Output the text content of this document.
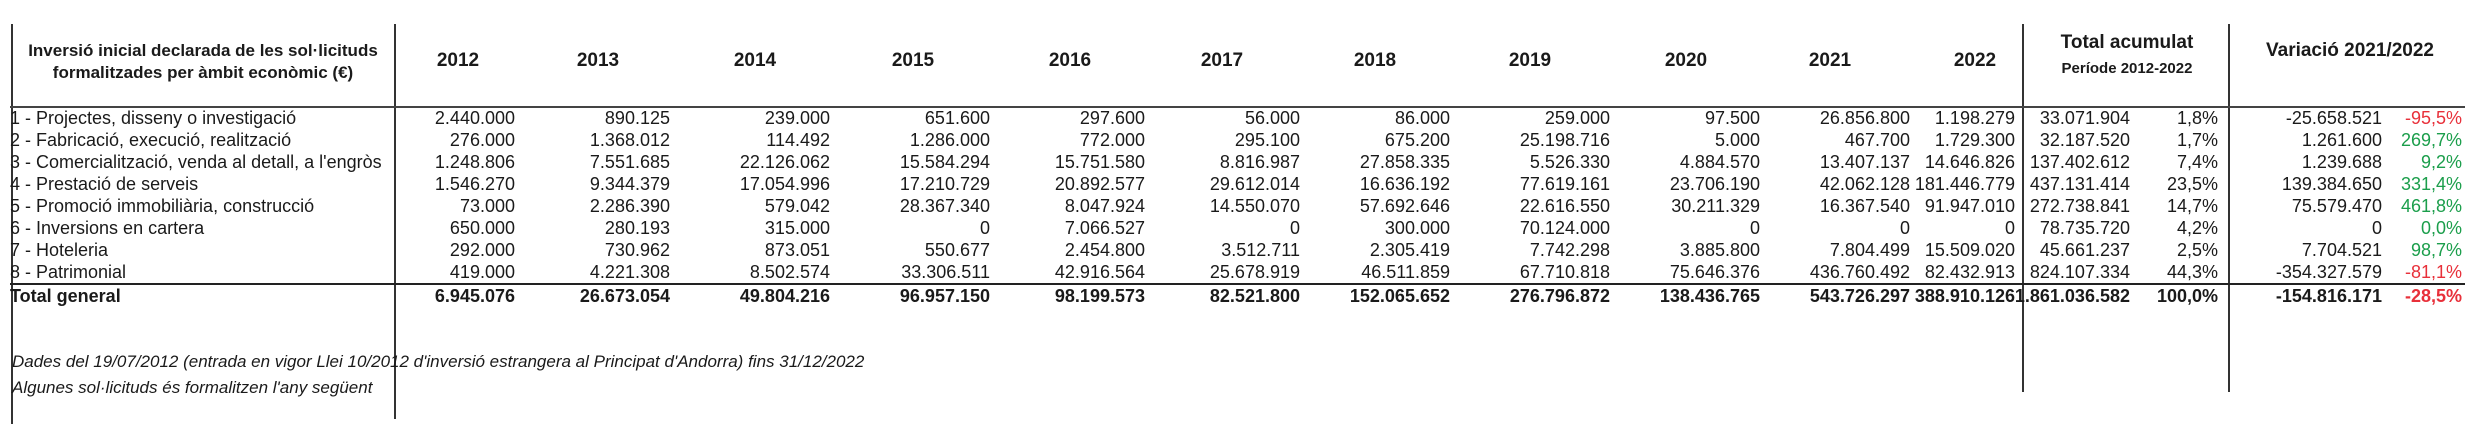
Inversió inicial declarada de les sol·licituds formalitzades per àmbit econòmic (€)
2012	2013	2014	2015	2016	2017	2018	2019	2020	2021	2022
Total acumulat
Període 2012-2022
Variació 2021/2022
1 - Projectes, disseny o investigació	2.440.000	890.125	239.000	651.600	297.600	56.000	86.000	259.000	97.500	26.856.800 1.198.279 33.071.904	1,8%	-25.658.521 -95,5%
2 - Fabricació, execució, realització	276.000	1.368.012	114.492	1.286.000	772.000	295.100	675.200	25.198.716	5.000	467.700 1.729.300 32.187.520	1,7%	1.261.600 269,7%
3 - Comercialització, venda al detall, a l'engròs	1.248.806	7.551.685	22.126.062	15.584.294	15.751.580	8.816.987	27.858.335	5.526.330	4.884.570	13.407.137 14.646.826 137.402.612	7,4%	1.239.688 9,2%
4 - Prestació de serveis	1.546.270	9.344.379	17.054.996	17.210.729	20.892.577	29.612.014	16.636.192	77.619.161	23.706.190	42.062.128 181.446.779 437.131.414 23,5%	139.384.650 331,4%
5 - Promoció immobiliària, construcció	73.000	2.286.390	579.042	28.367.340	8.047.924	14.550.070	57.692.646	22.616.550	30.211.329	16.367.540 91.947.010 272.738.841 14,7%	75.579.470 461,8%
6 - Inversions en cartera	650.000	280.193	315.000	0	7.066.527	0	300.000	70.124.000	0	0	0 78.735.720	4,2%	0 0,0%
7 - Hoteleria	292.000	730.962	873.051	550.677	2.454.800	3.512.711	2.305.419	7.742.298	3.885.800	7.804.499 15.509.020 45.661.237	2,5%	7.704.521 98,7%
8 - Patrimonial	419.000	4.221.308	8.502.574	33.306.511	42.916.564	25.678.919	46.511.859	67.710.818	75.646.376	436.760.492 82.432.913 824.107.334 44,3%	-354.327.579 -81,1%
Total general	6.945.076	26.673.054	49.804.216	96.957.150	98.199.573	82.521.800	152.065.652	276.796.872	138.436.765	543.726.297 388.910.126 1.861.036.582 100,0%	-154.816.171 -28,5%
Dades del 19/07/2012 (entrada en vigor Llei 10/2012 d'inversió estrangera al Principat d'Andorra) fins 31/12/2022
Algunes sol·licituds és formalitzen l'any següent
